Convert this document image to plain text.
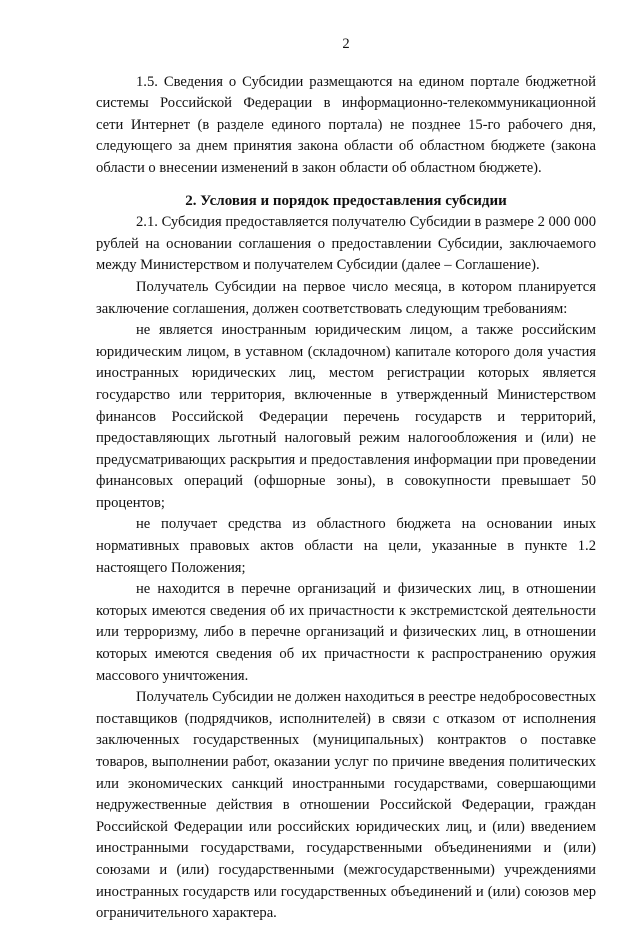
2

1.5. Сведения о Субсидии размещаются на едином портале бюджетной системы Российской Федерации в информационно-телекоммуникационной сети Интернет (в разделе единого портала) не позднее 15-го рабочего дня, следующего за днем принятия закона области об областном бюджете (закона области о внесении изменений в закон области об областном бюджете).

2. Условия и порядок предоставления субсидии

2.1. Субсидия предоставляется получателю Субсидии в размере 2 000 000 рублей на основании соглашения о предоставлении Субсидии, заключаемого между Министерством и получателем Субсидии (далее – Соглашение).

Получатель Субсидии на первое число месяца, в котором планируется заключение соглашения, должен соответствовать следующим требованиям:

не является иностранным юридическим лицом, а также российским юридическим лицом, в уставном (складочном) капитале которого доля участия иностранных юридических лиц, местом регистрации которых является государство или территория, включенные в утвержденный Министерством финансов Российской Федерации перечень государств и территорий, предоставляющих льготный налоговый режим налогообложения и (или) не предусматривающих раскрытия и предоставления информации при проведении финансовых операций (офшорные зоны), в совокупности превышает 50 процентов;

не получает средства из областного бюджета на основании иных нормативных правовых актов области на цели, указанные в пункте 1.2 настоящего Положения;

не находится в перечне организаций и физических лиц, в отношении которых имеются сведения об их причастности к экстремистской деятельности или терроризму, либо в перечне организаций и физических лиц, в отношении которых имеются сведения об их причастности к распространению оружия массового уничтожения.

Получатель Субсидии не должен находиться в реестре недобросовестных поставщиков (подрядчиков, исполнителей) в связи с отказом от исполнения заключенных государственных (муниципальных) контрактов о поставке товаров, выполнении работ, оказании услуг по причине введения политических или экономических санкций иностранными государствами, совершающими недружественные действия в отношении Российской Федерации, граждан Российской Федерации или российских юридических лиц, и (или) введением иностранными государствами, государственными объединениями и (или) союзами и (или) государственными (межгосударственными) учреждениями иностранных государств или государственных объединений и (или) союзов мер ограничительного характера.
